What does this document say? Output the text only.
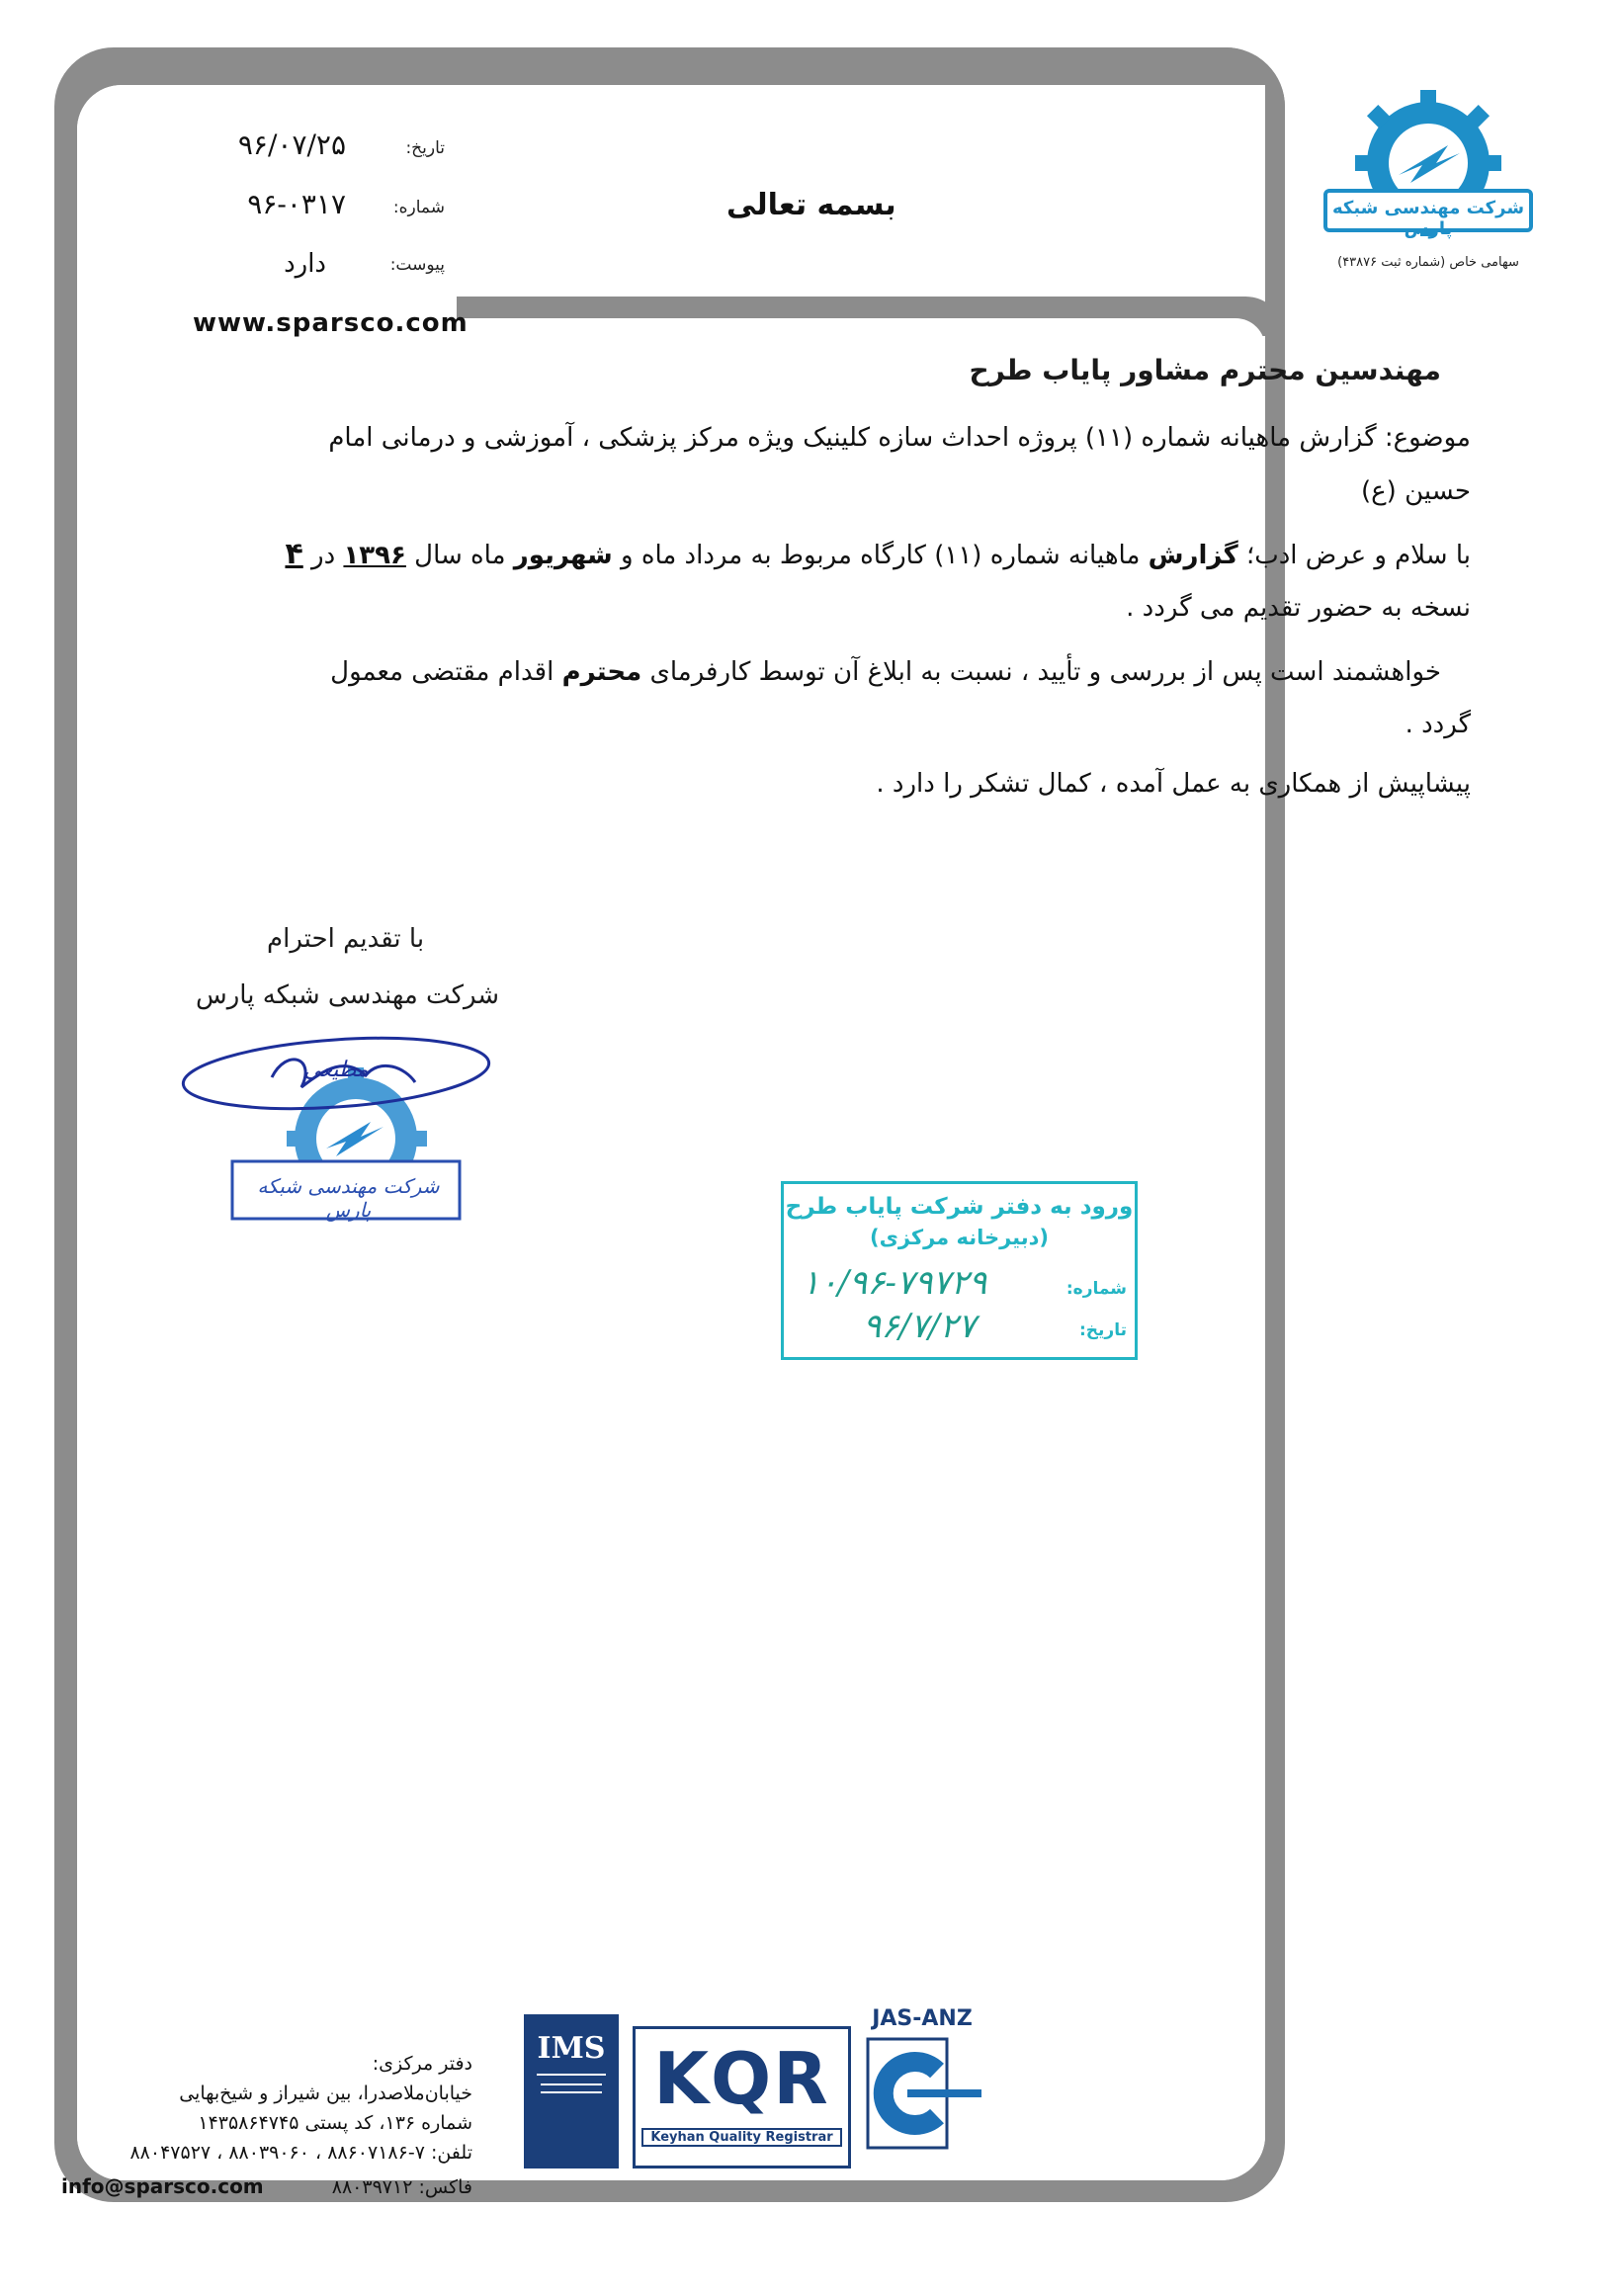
تاریخ:
۹۶/۰۷/۲۵
شماره:
۹۶-۰۳۱۷
پیوست:
دارد
www.sparsco.com
بسمه تعالی	شرکت مهندسی شبکه پارس
سهامی خاص (شماره ثبت ۴۳۸۷۶)
مهندسین محترم مشاور پایاب طرح
موضوع: گزارش ماهیانه شماره (۱۱) پروژه احداث سازه کلینیک ویژه مرکز پزشکی ، آموزشی و درمانی امام
حسین (ع)
با سلام و عرض ادب؛ گزارش ماهیانه شماره (۱۱) کارگاه مربوط به مرداد ماه و شهریور ماه سال ۱۳۹۶ در ۴
نسخه به حضور تقدیم می گردد .
خواهشمند است پس از بررسی و تأیید ، نسبت به ابلاغ آن توسط کارفرمای محترم اقدام مقتضی معمول
گردد .
پیشاپیش از همکاری به عمل آمده ، کمال تشکر را دارد .
با تقدیم احترام
شرکت مهندسی شبکه پارس
شرکت مهندسی شبکه پارس
مطیعی
ورود به دفتر شرکت پایاب طرح
(دبیرخانه مرکزی)
شماره:
۱۰/۹۶-۷۹۷۲۹
تاریخ:
۹۶/۷/۲۷
IMS KQR
Keyhan Quality Registrar
JAS-ANZ
دفتر مرکزی:
خیابان‌ملاصدرا، بین شیراز و شیخ‌بهایی
شماره ۱۳۶، کد پستی ۱۴۳۵۸۶۴۷۴۵
تلفن: ۷-۸۸۶۰۷۱۸۶ ، ۸۸۰۳۹۰۶۰ ، ۸۸۰۴۷۵۲۷
فاکس: ۸۸۰۳۹۷۱۲
info@sparsco.com
